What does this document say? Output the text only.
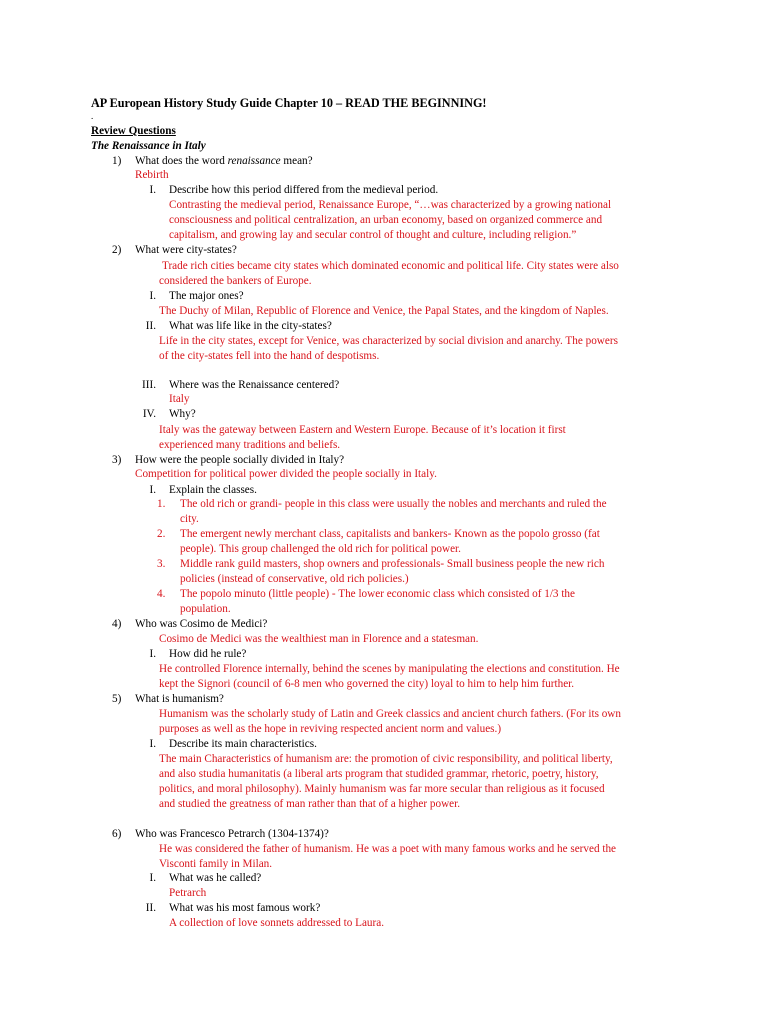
AP European History Study Guide Chapter 10 – READ THE BEGINNING!
.
Review Questions
The Renaissance in Italy
1) What does the word renaissance mean?
Rebirth
I. Describe how this period differed from the medieval period.
Contrasting the medieval period, Renaissance Europe, “…was characterized by a growing national
consciousness and political centralization, an urban economy, based on organized commerce and
capitalism, and growing lay and secular control of thought and culture, including religion.”
2) What were city-states?
Trade rich cities became city states which dominated economic and political life. City states were also
considered the bankers of Europe.
I. The major ones?
The Duchy of Milan, Republic of Florence and Venice, the Papal States, and the kingdom of Naples.
II. What was life like in the city-states?
Life in the city states, except for Venice, was characterized by social division and anarchy. The powers
of the city-states fell into the hand of despotisms.
III. Where was the Renaissance centered?
Italy
IV. Why?
Italy was the gateway between Eastern and Western Europe. Because of it’s location it first
experienced many traditions and beliefs.
3) How were the people socially divided in Italy?
Competition for political power divided the people socially in Italy.
I. Explain the classes.
1. The old rich or grandi- people in this class were usually the nobles and merchants and ruled the
city.
2. The emergent newly merchant class, capitalists and bankers- Known as the popolo grosso (fat
people). This group challenged the old rich for political power.
3. Middle rank guild masters, shop owners and professionals- Small business people the new rich
policies (instead of conservative, old rich policies.)
4. The popolo minuto (little people) - The lower economic class which consisted of 1/3 the
population.
4) Who was Cosimo de Medici?
Cosimo de Medici was the wealthiest man in Florence and a statesman.
I. How did he rule?
He controlled Florence internally, behind the scenes by manipulating the elections and constitution. He
kept the Signori (council of 6-8 men who governed the city) loyal to him to help him further.
5) What is humanism?
Humanism was the scholarly study of Latin and Greek classics and ancient church fathers. (For its own
purposes as well as the hope in reviving respected ancient norm and values.)
I. Describe its main characteristics.
The main Characteristics of humanism are: the promotion of civic responsibility, and political liberty,
and also studia humanitatis (a liberal arts program that studided grammar, rhetoric, poetry, history,
politics, and moral philosophy). Mainly humanism was far more secular than religious as it focused
and studied the greatness of man rather than that of a higher power.
6) Who was Francesco Petrarch (1304-1374)?
He was considered the father of humanism. He was a poet with many famous works and he served the
Visconti family in Milan.
I. What was he called?
Petrarch
II. What was his most famous work?
A collection of love sonnets addressed to Laura.
